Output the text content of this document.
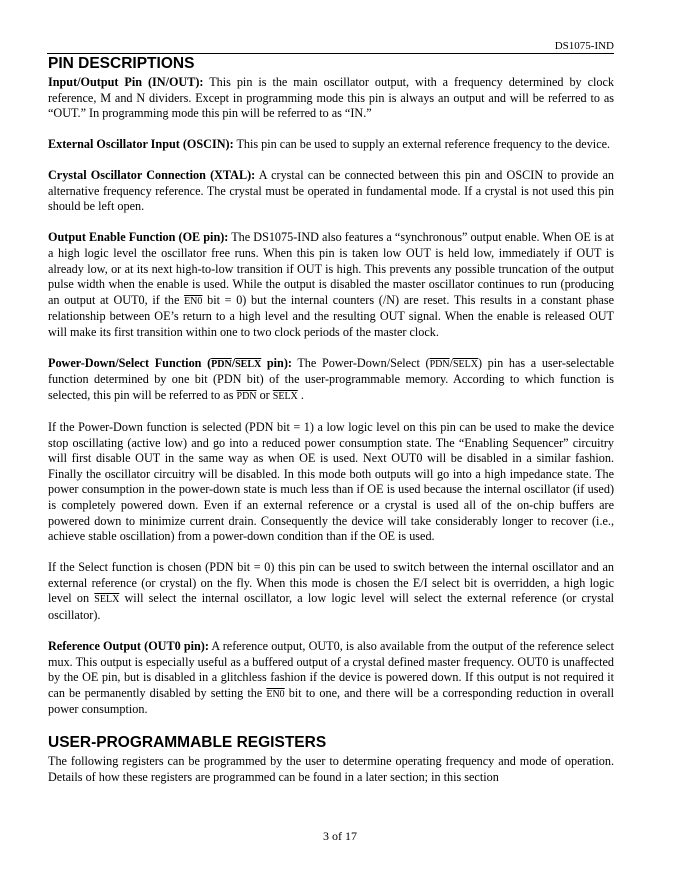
DS1075-IND
PIN DESCRIPTIONS

Input/Output Pin (IN/OUT): This pin is the main oscillator output, with a frequency determined by clock reference, M and N dividers. Except in programming mode this pin is always an output and will be referred to as “OUT.” In programming mode this pin will be referred to as “IN.”

External Oscillator Input (OSCIN): This pin can be used to supply an external reference frequency to the device.

Crystal Oscillator Connection (XTAL): A crystal can be connected between this pin and OSCIN to provide an alternative frequency reference. The crystal must be operated in fundamental mode. If a crystal is not used this pin should be left open.

Output Enable Function (OE pin): The DS1075-IND also features a “synchronous” output enable. When OE is at a high logic level the oscillator free runs. When this pin is taken low OUT is held low, immediately if OUT is already low, or at its next high-to-low transition if OUT is high. This prevents any possible truncation of the output pulse width when the enable is used. While the output is disabled the master oscillator continues to run (producing an output at OUT0, if the EN0 bit = 0) but the internal counters (/N) are reset. This results in a constant phase relationship between OE’s return to a high level and the resulting OUT signal. When the enable is released OUT will make its first transition within one to two clock periods of the master clock.

Power-Down/Select Function ($\overline{PDN}$/SELX pin): The Power-Down/Select $(\overline{PDN}/SELX)$ pin has a user-selectable function determined by one bit (PDN bit) of the user-programmable memory. According to which function is selected, this pin will be referred to as $\overline{PDN}$ or SELX .

If the Power-Down function is selected (PDN bit = 1) a low logic level on this pin can be used to make the device stop oscillating (active low) and go into a reduced power consumption state. The “Enabling Sequencer” circuitry will first disable OUT in the same way as when OE is used. Next OUT0 will be disabled in a similar fashion. Finally the oscillator circuitry will be disabled. In this mode both outputs will go into a high impedance state. The power consumption in the power-down state is much less than if OE is used because the internal oscillator (if used) is completely powered down. Even if an external reference or a crystal is used all of the on-chip buffers are powered down to minimize current drain. Consequently the device will take considerably longer to recover (i.e., achieve stable oscillation) from a power-down condition than if the OE is used.

If the Select function is chosen (PDN bit = 0) this pin can be used to switch between the internal oscillator and an external reference (or crystal) on the fly. When this mode is chosen the E/I select bit is overridden, a high logic level on SELX will select the internal oscillator, a low logic level will select the external reference (or crystal oscillator).

Reference Output (OUT0 pin): A reference output, OUT0, is also available from the output of the reference select mux. This output is especially useful as a buffered output of a crystal defined master frequency. OUT0 is unaffected by the OE pin, but is disabled in a glitchless fashion if the device is powered down. If this output is not required it can be permanently disabled by setting the EN0 bit to one, and there will be a corresponding reduction in overall power consumption.

USER-PROGRAMMABLE REGISTERS

The following registers can be programmed by the user to determine operating frequency and mode of operation. Details of how these registers are programmed can be found in a later section; in this section

3 of 17
